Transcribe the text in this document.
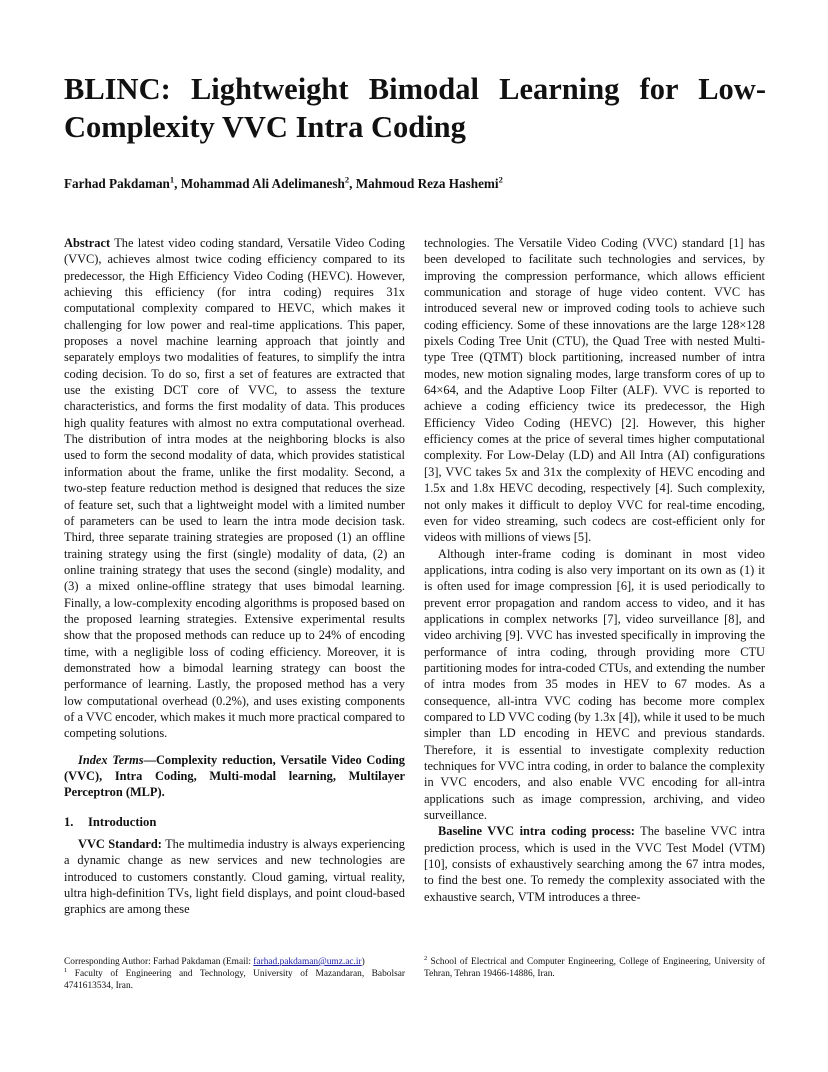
BLINC: Lightweight Bimodal Learning for Low-Complexity VVC Intra Coding
Farhad Pakdaman$^1$, Mohammad Ali Adelimanesh$^2$, Mahmoud Reza Hashemi$^2$

Abstract The latest video coding standard, Versatile Video Coding (VVC), achieves almost twice coding efficiency compared to its predecessor, the High Efficiency Video Coding (HEVC). However, achieving this efficiency (for intra coding) requires 31x computational complexity compared to HEVC, which makes it challenging for low power and real-time applications. This paper, proposes a novel machine learning approach that jointly and separately employs two modalities of features, to simplify the intra coding decision. To do so, first a set of features are extracted that use the existing DCT core of VVC, to assess the texture characteristics, and forms the first modality of data. This produces high quality features with almost no extra computational overhead. The distribution of intra modes at the neighboring blocks is also used to form the second modality of data, which provides statistical information about the frame, unlike the first modality. Second, a two-step feature reduction method is designed that reduces the size of feature set, such that a lightweight model with a limited number of parameters can be used to learn the intra mode decision task. Third, three separate training strategies are proposed (1) an offline training strategy using the first (single) modality of data, (2) an online training strategy that uses the second (single) modality, and (3) a mixed online-offline strategy that uses bimodal learning. Finally, a low-complexity encoding algorithms is proposed based on the proposed learning strategies. Extensive experimental results show that the proposed methods can reduce up to 24% of encoding time, with a negligible loss of coding efficiency. Moreover, it is demonstrated how a bimodal learning strategy can boost the performance of learning. Lastly, the proposed method has a very low computational overhead (0.2%), and uses existing components of a VVC encoder, which makes it much more practical compared to competing solutions.

Index Terms—Complexity reduction, Versatile Video Coding (VVC), Intra Coding, Multi-modal learning, Multilayer Perceptron (MLP).

1. Introduction

VVC Standard: The multimedia industry is always experiencing a dynamic change as new services and new technologies are introduced to customers constantly. Cloud gaming, virtual reality, ultra high-definition TVs, light field displays, and point cloud-based graphics are among these

technologies. The Versatile Video Coding (VVC) standard [1] has been developed to facilitate such technologies and services, by improving the compression performance, which allows efficient communication and storage of huge video content. VVC has introduced several new or improved coding tools to achieve such coding efficiency. Some of these innovations are the large 128×128 pixels Coding Tree Unit (CTU), the Quad Tree with nested Multi-type Tree (QTMT) block partitioning, increased number of intra modes, new motion signaling modes, large transform cores of up to 64×64, and the Adaptive Loop Filter (ALF). VVC is reported to achieve a coding efficiency twice its predecessor, the High Efficiency Video Coding (HEVC) [2]. However, this higher efficiency comes at the price of several times higher computational complexity. For Low-Delay (LD) and All Intra (AI) configurations [3], VVC takes 5x and 31x the complexity of HEVC encoding and 1.5x and 1.8x HEVC decoding, respectively [4]. Such complexity, not only makes it difficult to deploy VVC for real-time encoding, even for video streaming, such codecs are cost-efficient only for videos with millions of views [5].

Although inter-frame coding is dominant in most video applications, intra coding is also very important on its own as (1) it is often used for image compression [6], it is used periodically to prevent error propagation and random access to video, and it has applications in complex networks [7], video surveillance [8], and video archiving [9]. VVC has invested specifically in improving the performance of intra coding, through providing more CTU partitioning modes for intra-coded CTUs, and extending the number of intra modes from 35 modes in HEV to 67 modes. As a consequence, all-intra VVC coding has become more complex compared to LD VVC coding (by 1.3x [4]), while it used to be much simpler than LD encoding in HEVC and previous standards. Therefore, it is essential to investigate complexity reduction techniques for VVC intra coding, in order to balance the complexity in VVC encoders, and also enable VVC encoding for all-intra applications such as image compression, archiving, and video surveillance.

Baseline VVC intra coding process: The baseline VVC intra prediction process, which is used in the VVC Test Model (VTM) [10], consists of exhaustively searching among the 67 intra modes, to find the best one. To remedy the complexity associated with the exhaustive search, VTM introduces a three-

Corresponding Author: Farhad Pakdaman (Email: farhad.pakdaman@umz.ac.ir)

$^1$ Faculty of Engineering and Technology, University of Mazandaran, Babolsar 4741613534, Iran.

$^2$ School of Electrical and Computer Engineering, College of Engineering, University of Tehran, Tehran 19466-14886, Iran.
